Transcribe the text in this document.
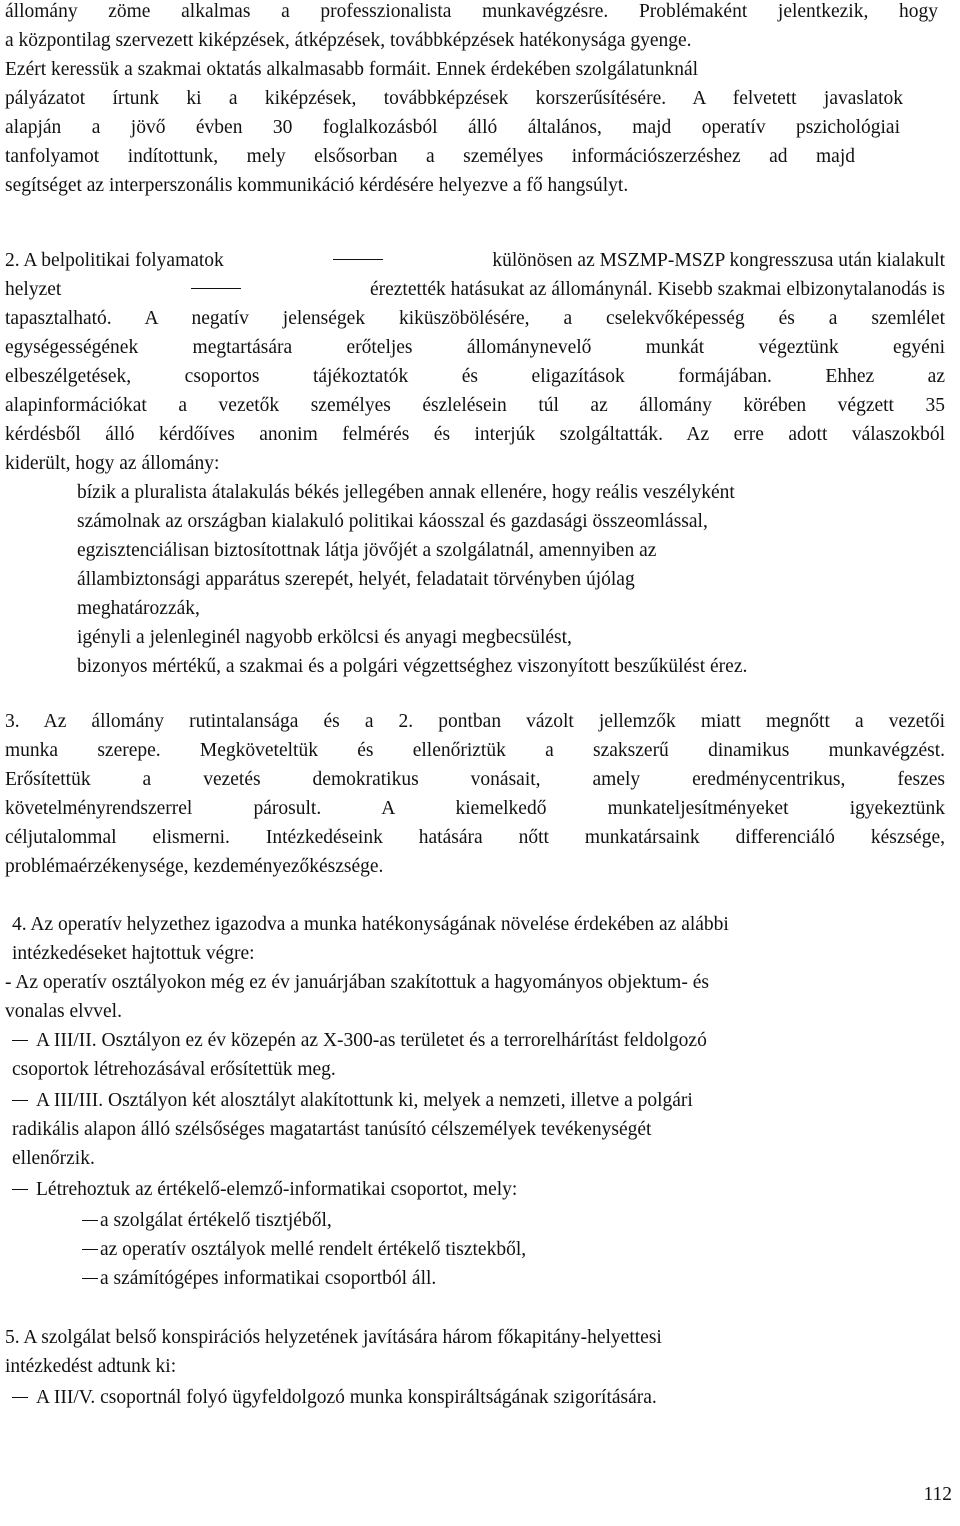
állomány zöme alkalmas a professzionalista munkavégzésre. Problémaként jelentkezik, hogy

a központilag szervezett kiképzések, átképzések, továbbképzések hatékonysága gyenge.

Ezért keressük a szakmai oktatás alkalmasabb formáit. Ennek érdekében szolgálatunknál

pályázatot írtunk ki a kiképzések, továbbképzések korszerűsítésére. A felvetett javaslatok

alapján a jövő évben 30 foglalkozásból álló általános, majd operatív pszichológiai

tanfolyamot indítottunk, mely elsősorban a személyes információszerzéshez ad majd

segítséget az interperszonális kommunikáció kérdésére helyezve a fő hangsúlyt.

2. A belpolitikai folyamatok	különösen az MSZMP-MSZP kongresszusa után kialakult

helyzet	éreztették hatásukat az állománynál. Kisebb szakmai elbizonytalanodás is

tapasztalható. A negatív jelenségek kiküszöbölésére, a cselekvőképesség és a szemlélet

egységességének megtartására erőteljes állománynevelő munkát végeztünk egyéni

elbeszélgetések, csoportos tájékoztatók és eligazítások formájában. Ehhez az

alapinformációkat a vezetők személyes észlelésein túl az állomány körében végzett 35

kérdésből álló kérdőíves anonim felmérés és interjúk szolgáltatták. Az erre adott válaszokból

kiderült, hogy az állomány:

bízik a pluralista átalakulás békés jellegében annak ellenére, hogy reális veszélyként

számolnak az országban kialakuló politikai káosszal és gazdasági összeomlással,

egzisztenciálisan biztosítottnak látja jövőjét a szolgálatnál, amennyiben az

állambiztonsági apparátus szerepét, helyét, feladatait törvényben újólag

meghatározzák,

igényli a jelenleginél nagyobb erkölcsi és anyagi megbecsülést,

bizonyos mértékű, a szakmai és a polgári végzettséghez viszonyított beszűkülést érez.

3. Az állomány rutintalansága és a 2. pontban vázolt jellemzők miatt megnőtt a vezetői

munka szerepe. Megköveteltük és ellenőriztük a szakszerű dinamikus munkavégzést.

Erősítettük a vezetés demokratikus vonásait, amely eredménycentrikus, feszes

követelményrendszerrel párosult. A kiemelkedő munkateljesítményeket igyekeztünk

céljutalommal elismerni. Intézkedéseink hatására nőtt munkatársaink differenciáló készsége,

problémaérzékenysége, kezdeményezőkészsége.

4. Az operatív helyzethez igazodva a munka hatékonyságának növelése érdekében az alábbi

intézkedéseket hajtottuk végre:

- Az operatív osztályokon még ez év januárjában szakítottuk a hagyományos objektum- és

vonalas elvvel.

A III/II. Osztályon ez év közepén az X-300-as területet és a terrorelhárítást feldolgozó

csoportok létrehozásával erősítettük meg.

A III/III. Osztályon két alosztályt alakítottunk ki, melyek a nemzeti, illetve a polgári

radikális alapon álló szélsőséges magatartást tanúsító célszemélyek tevékenységét

ellenőrzik.

Létrehoztuk az értékelő-elemző-informatikai csoportot, mely:

a szolgálat értékelő tisztjéből,

az operatív osztályok mellé rendelt értékelő tisztekből,

a számítógépes informatikai csoportból áll.

5. A szolgálat belső konspirációs helyzetének javítására három főkapitány-helyettesi

intézkedést adtunk ki:

A III/V. csoportnál folyó ügyfeldolgozó munka konspiráltságának szigorítására.

112
